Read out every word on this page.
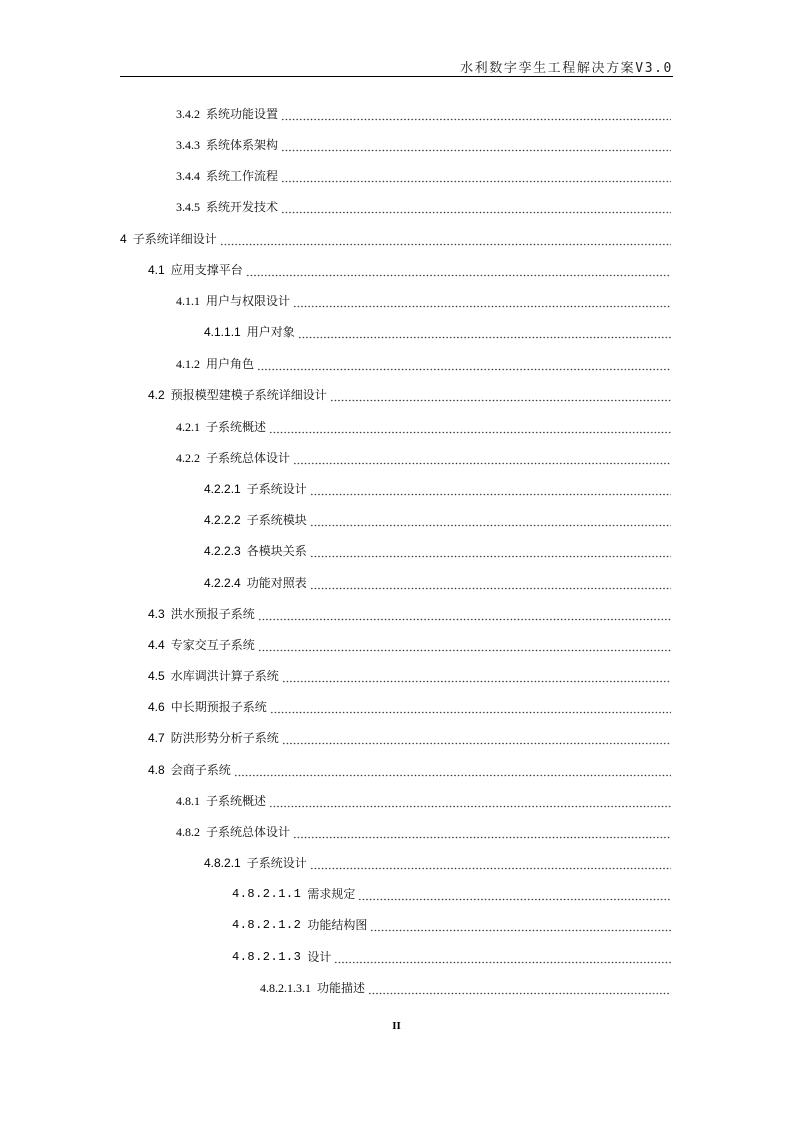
水利数字孪生工程解决方案V3.0
3.4.2 系统功能设置
3.4.3 系统体系架构
3.4.4 系统工作流程
3.4.5 系统开发技术
4 子系统详细设计
4.1 应用支撑平台
4.1.1 用户与权限设计
4.1.1.1 用户对象
4.1.2 用户角色
4.2 预报模型建模子系统详细设计
4.2.1 子系统概述
4.2.2 子系统总体设计
4.2.2.1 子系统设计
4.2.2.2 子系统模块
4.2.2.3 各模块关系
4.2.2.4 功能对照表
4.3 洪水预报子系统
4.4 专家交互子系统
4.5 水库调洪计算子系统
4.6 中长期预报子系统
4.7 防洪形势分析子系统
4.8 会商子系统
4.8.1 子系统概述
4.8.2 子系统总体设计
4.8.2.1 子系统设计
4.8.2.1.1 需求规定
4.8.2.1.2 功能结构图
4.8.2.1.3 设计
4.8.2.1.3.1 功能描述
II
